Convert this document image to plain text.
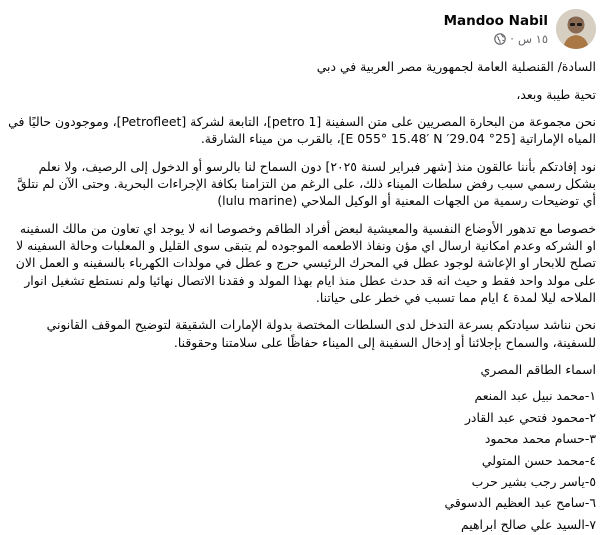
Mandoo Nabil
١٥ س
·

السادة/ القنصلية العامة لجمهورية مصر العربية في دبي

تحية طيبة وبعد،

نحن مجموعة من البحارة المصريين على متن السفينة [petro 1]، التابعة لشركة [Petrofleet]، وموجودون حاليًا في المياه الإماراتية [25° 29.04′ E 055° 15.48′ N]، بالقرب من ميناء الشارقة.

نود إفادتكم بأننا عالقون منذ [شهر فبراير لسنة ٢٠٢٥] دون السماح لنا بالرسو أو الدخول إلى الرصيف، ولا نعلم بشكل رسمي سبب رفض سلطات الميناء ذلك، على الرغم من التزامنا بكافة الإجراءات البحرية. وحتى الآن لم نتلقَّ أي توضيحات رسمية من الجهات المعنية أو الوكيل الملاحي (lulu marine)

خصوصا مع تدهور الأوضاع النفسية والمعيشية لبعض أفراد الطاقم وخصوصا انه لا يوجد اي تعاون من مالك السفينه او الشركه وعدم امكانية ارسال اي مؤن ونفاذ الاطعمه الموجوده لم يتبقى سوى القليل و المعلبات وحالة السفينه لا تصلح للابحار او الإعاشة لوجود عطل في المحرك الرئيسي حرج و عطل في مولدات الكهرباء بالسفينه و العمل الان على مولد واحد فقط و حيث انه قد حدث عطل منذ ايام بهذا المولد و فقدنا الاتصال نهائيا ولم نستطع تشغيل انوار الملاحه ليلا لمدة ٤ ايام مما تسبب في خطر على حياتنا.

نحن نناشد سيادتكم بسرعة التدخل لدى السلطات المختصة بدولة الإمارات الشقيقة لتوضيح الموقف القانوني للسفينة، والسماح بإجلائنا أو إدخال السفينة إلى الميناء حفاظًا على سلامتنا وحقوقنا.

اسماء الطاقم المصري
١-محمد نبيل عبد المنعم
٢-محمود فتحي عبد القادر
٣-حسام محمد محمود
٤-محمد حسن المتولي
٥-ياسر رجب بشير حرب
٦-سامح عبد العظيم الدسوقي
٧-السيد علي صالح ابراهيم
